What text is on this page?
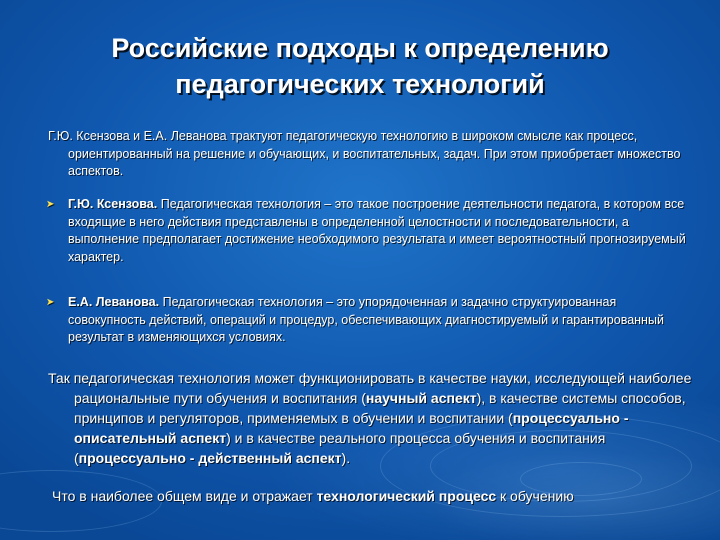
Российские подходы к определению
педагогических технологий
Г.Ю. Ксензова и Е.А. Леванова трактуют педагогическую технологию в широком смысле как процесс, ориентированный на решение и обучающих, и воспитательных, задач. При этом приобретает множество аспектов.
➤	Г.Ю. Ксензова. Педагогическая технология – это такое построение деятельности педагога, в котором все входящие в него действия представлены в определенной целостности и последовательности, а выполнение предполагает достижение необходимого результата и имеет вероятностный прогнозируемый характер.
➤	Е.А. Леванова. Педагогическая технология – это упорядоченная и задачно структуированная совокупность действий, операций и процедур, обеспечивающих диагностируемый и гарантированный результат в изменяющихся условиях.
Так педагогическая технология может функционировать в качестве науки, исследующей наиболее рациональные пути обучения и воспитания (научный аспект), в качестве системы способов, принципов и регуляторов, применяемых в обучении и воспитании (процессуально - описательный аспект) и в качестве реального процесса обучения и воспитания (процессуально - действенный аспект).
Что в наиболее общем виде и отражает технологический процесс к обучению
